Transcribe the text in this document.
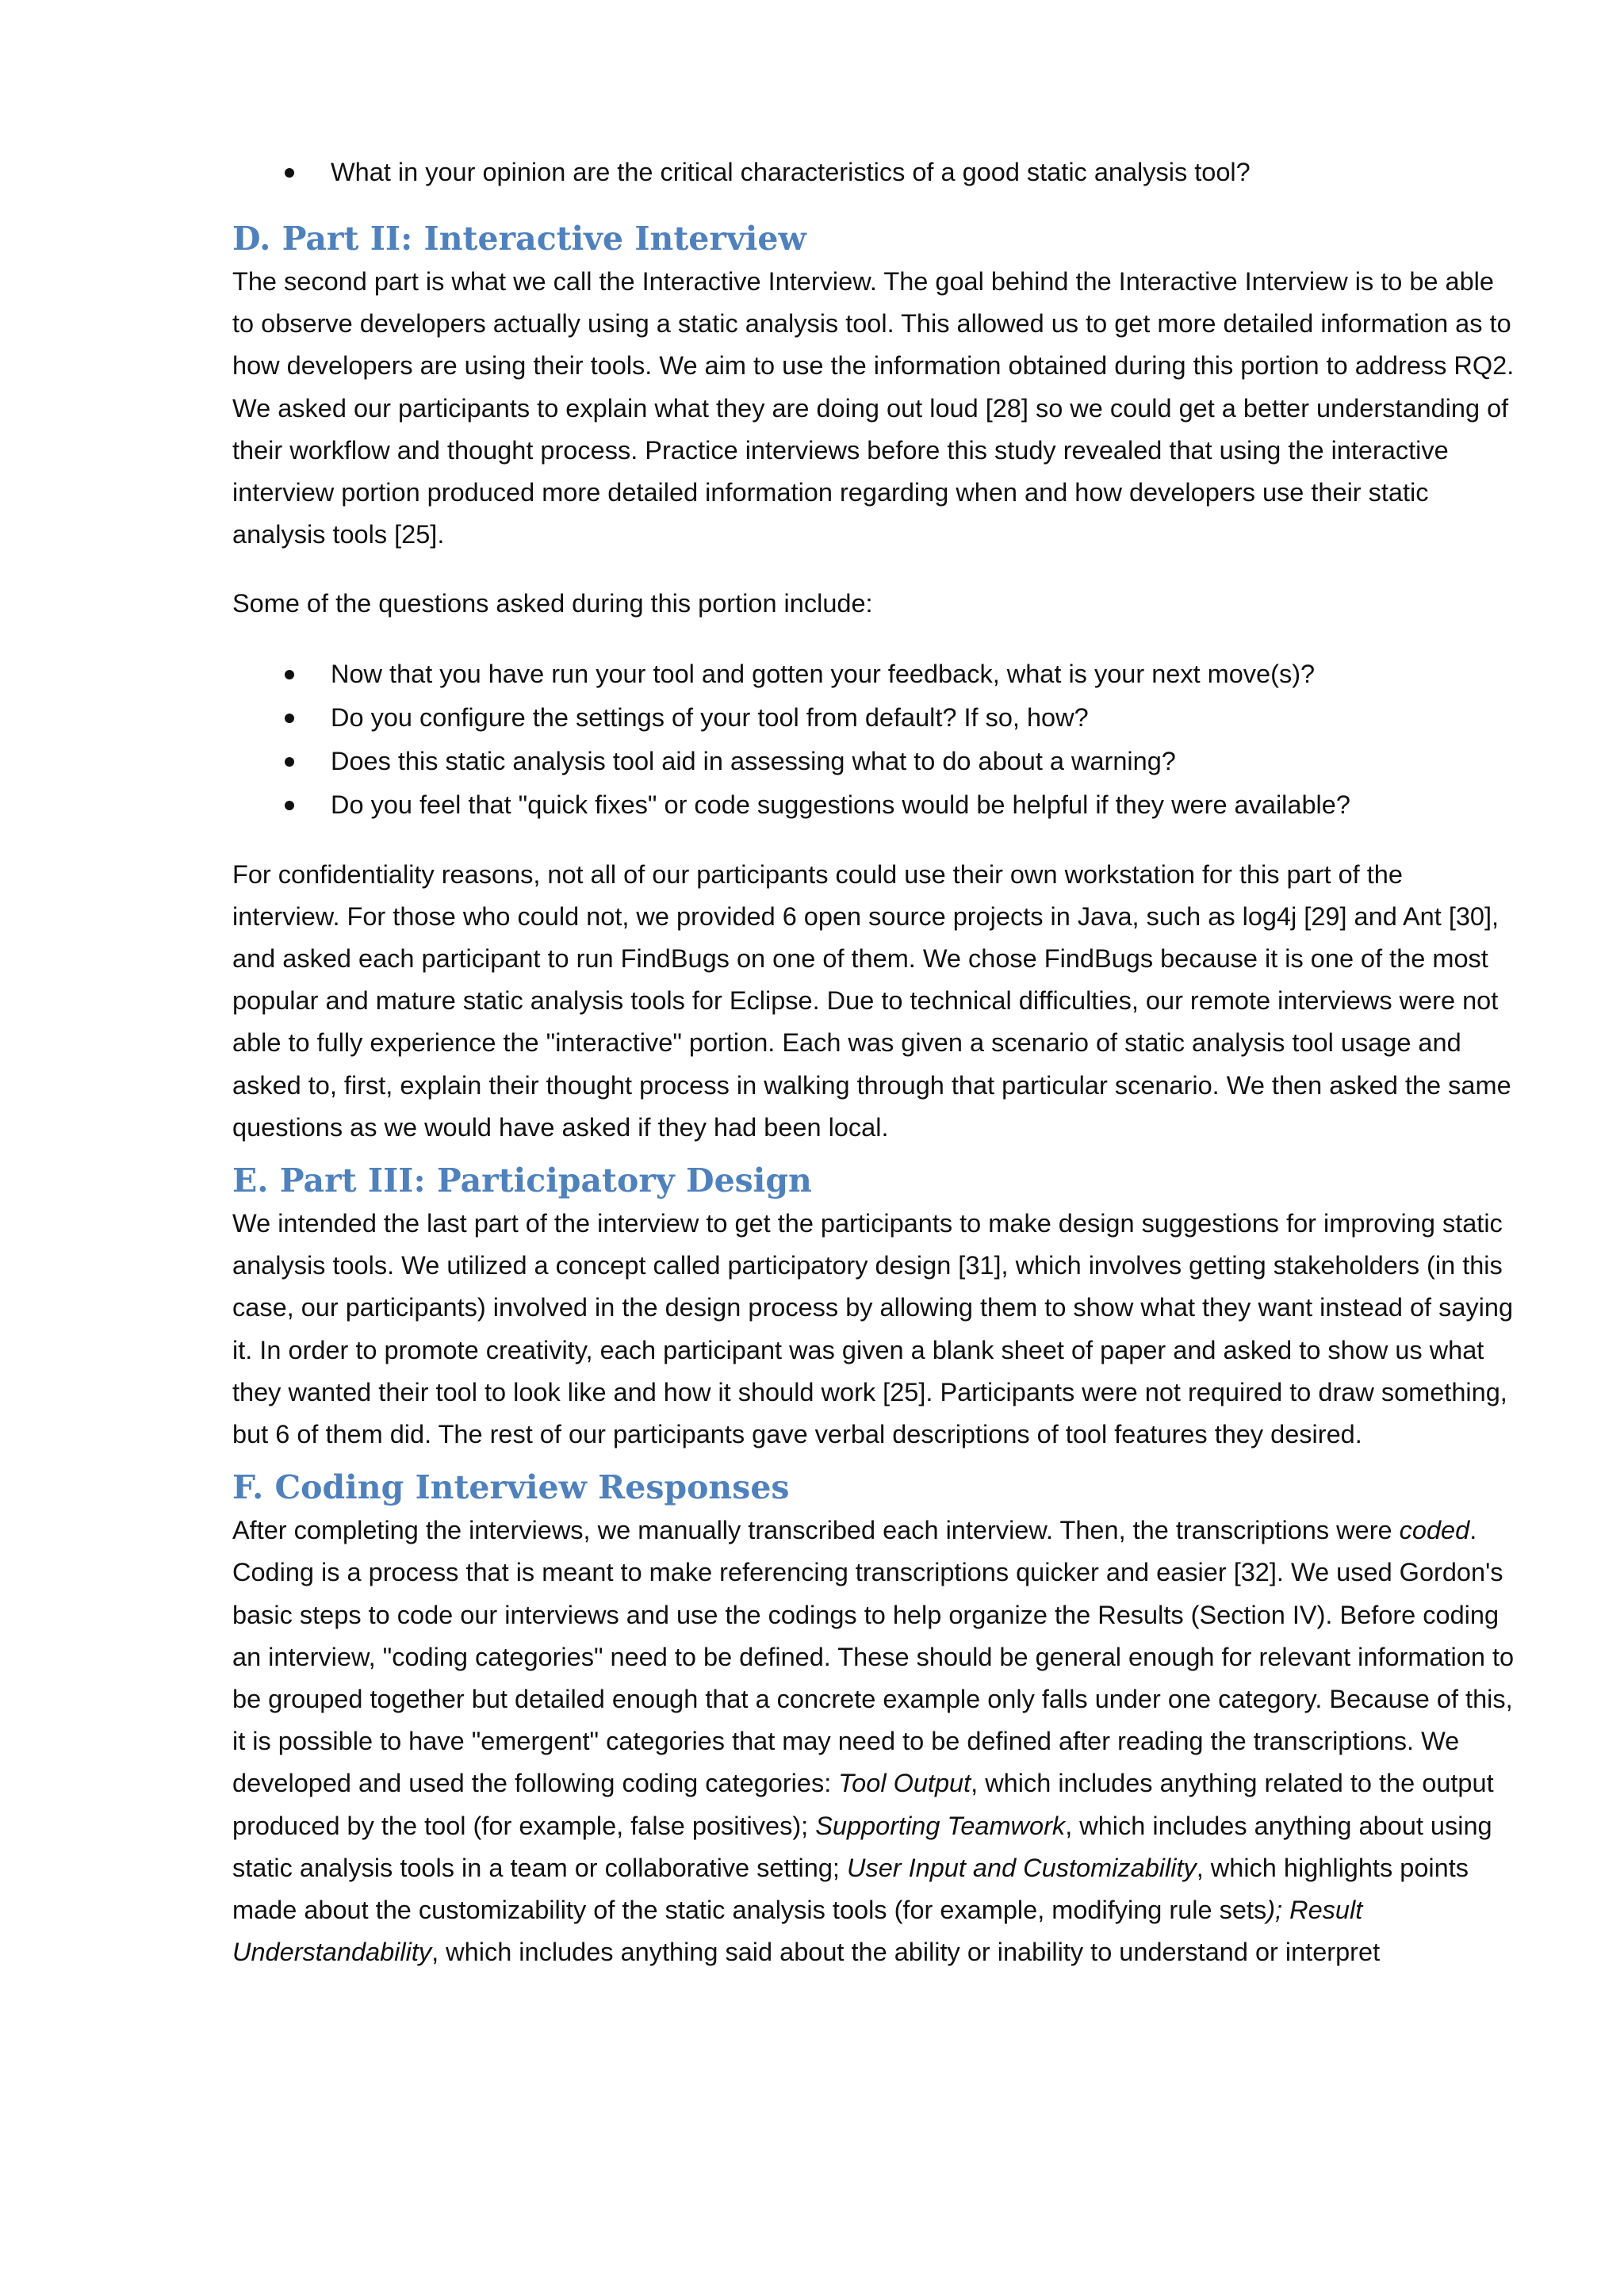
What in your opinion are the critical characteristics of a good static analysis tool?
D. Part II: Interactive Interview

The second part is what we call the Interactive Interview. The goal behind the Interactive Interview is to be able to observe developers actually using a static analysis tool. This allowed us to get more detailed information as to how developers are using their tools. We aim to use the information obtained during this portion to address RQ2. We asked our participants to explain what they are doing out loud [28] so we could get a better understanding of their workflow and thought process. Practice interviews before this study revealed that using the interactive interview portion produced more detailed information regarding when and how developers use their static analysis tools [25].

Some of the questions asked during this portion include:

Now that you have run your tool and gotten your feedback, what is your next move(s)?
Do you configure the settings of your tool from default? If so, how?
Does this static analysis tool aid in assessing what to do about a warning?
Do you feel that "quick fixes" or code suggestions would be helpful if they were available?

For confidentiality reasons, not all of our participants could use their own workstation for this part of the interview. For those who could not, we provided 6 open source projects in Java, such as log4j [29] and Ant [30], and asked each participant to run FindBugs on one of them. We chose FindBugs because it is one of the most popular and mature static analysis tools for Eclipse. Due to technical difficulties, our remote interviews were not able to fully experience the "interactive" portion. Each was given a scenario of static analysis tool usage and asked to, first, explain their thought process in walking through that particular scenario. We then asked the same questions as we would have asked if they had been local.

E. Part III: Participatory Design

We intended the last part of the interview to get the participants to make design suggestions for improving static analysis tools. We utilized a concept called participatory design [31], which involves getting stakeholders (in this case, our participants) involved in the design process by allowing them to show what they want instead of saying it. In order to promote creativity, each participant was given a blank sheet of paper and asked to show us what they wanted their tool to look like and how it should work [25]. Participants were not required to draw something, but 6 of them did. The rest of our participants gave verbal descriptions of tool features they desired.

F. Coding Interview Responses

After completing the interviews, we manually transcribed each interview. Then, the transcriptions were coded. Coding is a process that is meant to make referencing transcriptions quicker and easier [32]. We used Gordon's basic steps to code our interviews and use the codings to help organize the Results (Section IV). Before coding an interview, "coding categories" need to be defined. These should be general enough for relevant information to be grouped together but detailed enough that a concrete example only falls under one category. Because of this, it is possible to have "emergent" categories that may need to be defined after reading the transcriptions. We developed and used the following coding categories: Tool Output, which includes anything related to the output produced by the tool (for example, false positives); Supporting Teamwork, which includes anything about using static analysis tools in a team or collaborative setting; User Input and Customizability, which highlights points made about the customizability of the static analysis tools (for example, modifying rule sets); Result Understandability, which includes anything said about the ability or inability to understand or interpret
